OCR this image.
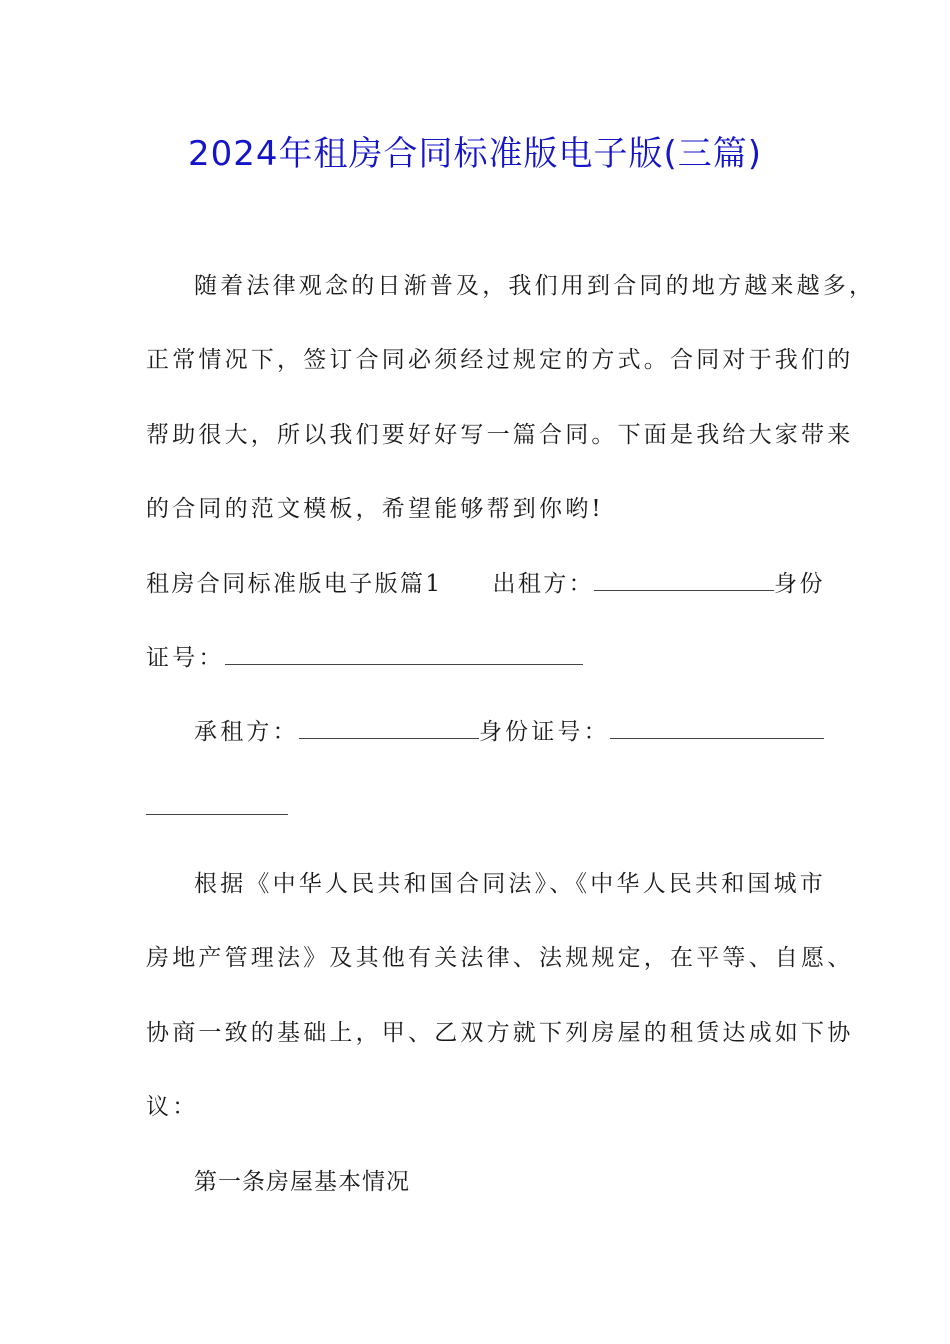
2024年租房合同标准版电子版(三篇)
随着法律观念的日渐普及，我们用到合同的地方越来越多，
正常情况下，签订合同必须经过规定的方式。合同对于我们的
帮助很大，所以我们要好好写一篇合同。下面是我给大家带来
的合同的范文模板，希望能够帮到你哟!
租房合同标准版电子版篇1 出租方：	身份
证号：
承租方：	身份证号：
根据《中华人民共和国合同法》、《中华人民共和国城市
房地产管理法》及其他有关法律、法规规定，在平等、自愿、
协商一致的基础上，甲、乙双方就下列房屋的租赁达成如下协
议：
第一条房屋基本情况
